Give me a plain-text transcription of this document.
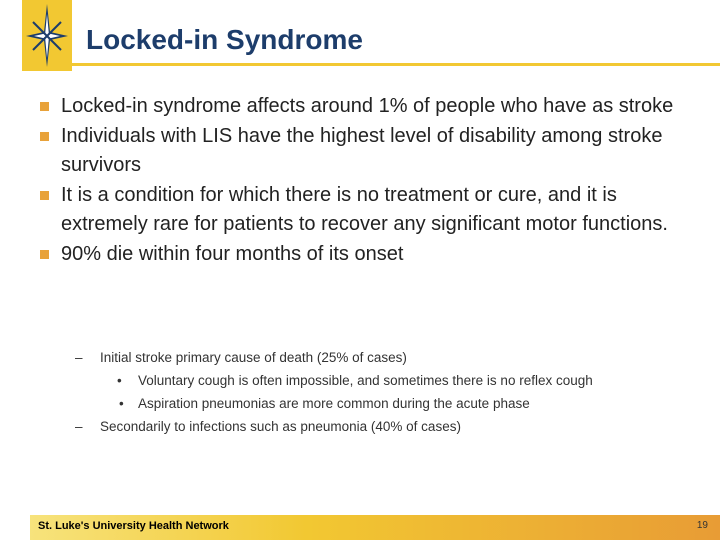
Locked-in Syndrome
Locked-in syndrome affects around 1% of people who have as stroke
Individuals with LIS have the highest level of disability among stroke survivors
It is a condition for which there is no treatment or cure, and it is extremely rare for patients to recover any significant motor functions.
90% die within four months of its onset
– Initial stroke primary cause of death (25% of cases)
• Voluntary cough is often impossible, and sometimes there is no reflex cough
• Aspiration pneumonias are more common during the acute phase
– Secondarily to infections such as pneumonia (40% of cases)
St. Luke's University Health Network	19
